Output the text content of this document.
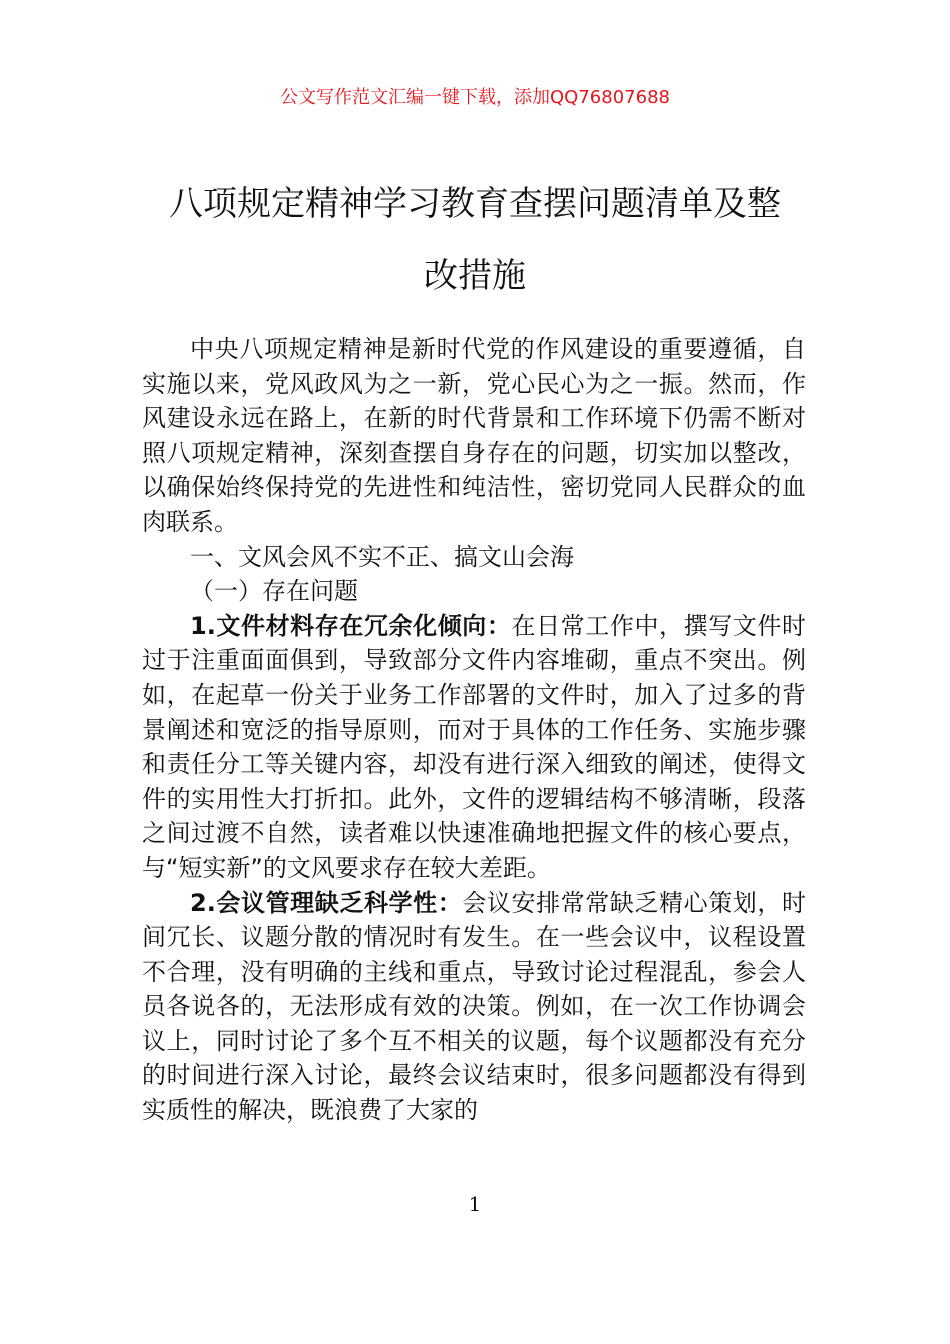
公文写作范文汇编一键下载，添加QQ76807688
八项规定精神学习教育查摆问题清单及整
改措施

中央八项规定精神是新时代党的作风建设的重要遵循，自实施以来，党风政风为之一新，党心民心为之一振。然而，作风建设永远在路上，在新的时代背景和工作环境下仍需不断对照八项规定精神，深刻查摆自身存在的问题，切实加以整改，以确保始终保持党的先进性和纯洁性，密切党同人民群众的血肉联系。

一、文风会风不实不正、搞文山会海

（一）存在问题

1.文件材料存在冗余化倾向：在日常工作中，撰写文件时过于注重面面俱到，导致部分文件内容堆砌，重点不突出。例如，在起草一份关于业务工作部署的文件时，加入了过多的背景阐述和宽泛的指导原则，而对于具体的工作任务、实施步骤和责任分工等关键内容，却没有进行深入细致的阐述，使得文件的实用性大打折扣。此外，文件的逻辑结构不够清晰，段落之间过渡不自然，读者难以快速准确地把握文件的核心要点，与“短实新”的文风要求存在较大差距。

2.会议管理缺乏科学性：会议安排常常缺乏精心策划，时间冗长、议题分散的情况时有发生。在一些会议中，议程设置不合理，没有明确的主线和重点，导致讨论过程混乱，参会人员各说各的，无法形成有效的决策。例如，在一次工作协调会议上，同时讨论了多个互不相关的议题，每个议题都没有充分的时间进行深入讨论，最终会议结束时，很多问题都没有得到实质性的解决，既浪费了大家的

1
